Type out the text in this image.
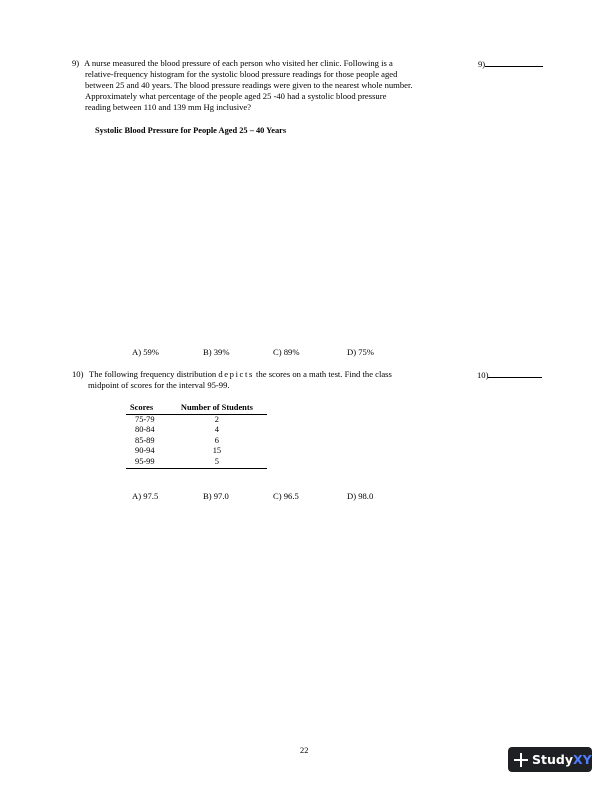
9) A nurse measured the blood pressure of each person who visited her clinic. Following is a

relative-frequency histogram for the systolic blood pressure readings for those people aged

between 25 and 40 years. The blood pressure readings were given to the nearest whole number.

Approximately what percentage of the people aged 25 -40 had a systolic blood pressure

reading between 110 and 139 mm Hg inclusive?

9)
Systolic Blood Pressure for People Aged 25 – 40 Years
A) 59%	B) 39%	C) 89%	D) 75%
10) The following frequency distribution depicts the scores on a math test. Find the class

midpoint of scores for the interval 95-99.

10)
Scores	Number of Students
75-79	2
80-84	4
85-89	6
90-94	15
95-99	5
A) 97.5	B) 97.0	C) 96.5	D) 98.0
22
Study XY
